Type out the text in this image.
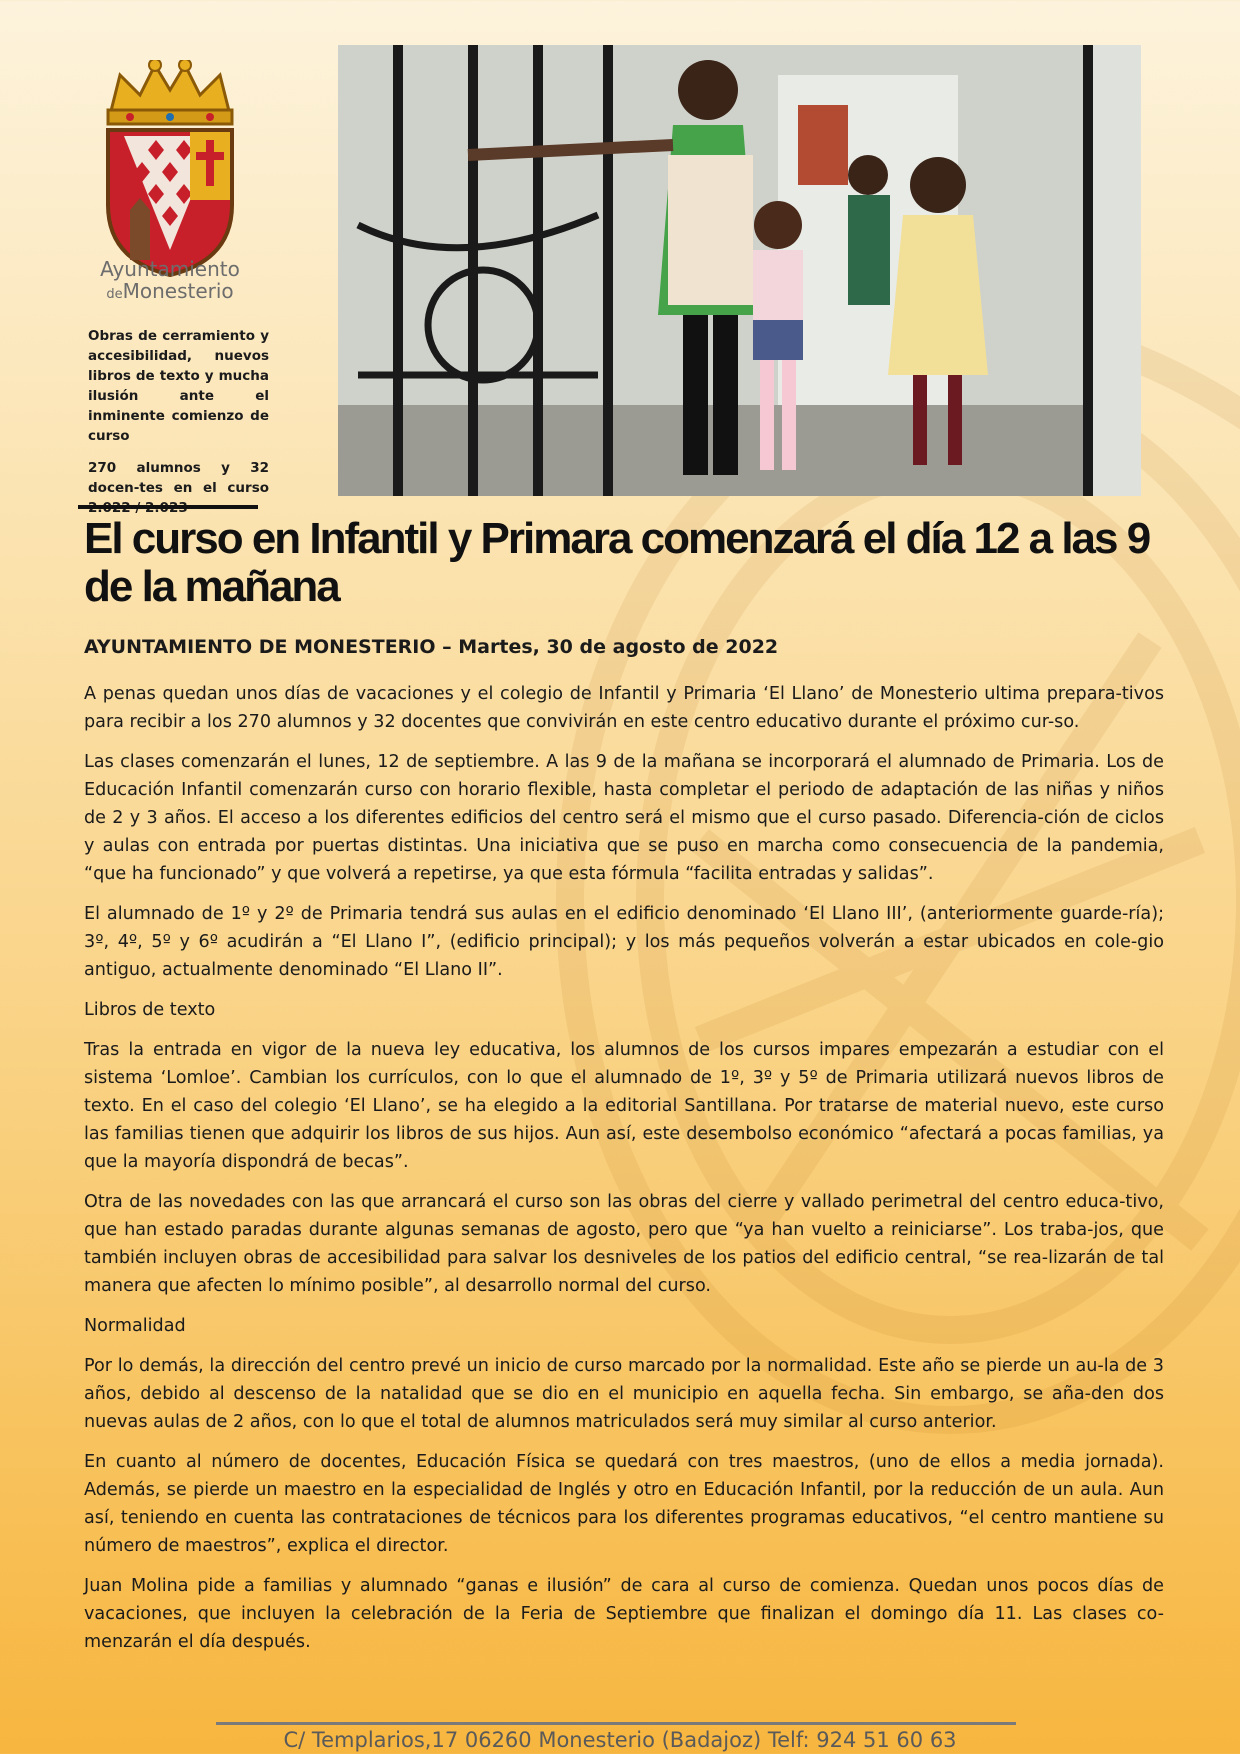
Ayuntamiento
deMonesterio

Obras de cerramiento y accesibilidad, nuevos libros de texto y mucha ilusión ante el inminente comienzo de curso

270 alumnos y 32 docen-tes en el curso

El curso en Infantil y Primara comenzará el día 12 a las 9 de la mañana

AYUNTAMIENTO DE MONESTERIO – Martes, 30 de agosto de 2022

A penas quedan unos días de vacaciones y el colegio de Infantil y Primaria ‘El Llano’ de Monesterio ultima prepara-tivos para recibir a los 270 alumnos y 32 docentes que convivirán en este centro educativo durante el próximo cur-so.

Las clases comenzarán el lunes, 12 de septiembre. A las 9 de la mañana se incorporará el alumnado de Primaria. Los de Educación Infantil comenzarán curso con horario flexible, hasta completar el periodo de adaptación de las niñas y niños de 2 y 3 años. El acceso a los diferentes edificios del centro será el mismo que el curso pasado. Diferencia-ción de ciclos y aulas con entrada por puertas distintas. Una iniciativa que se puso en marcha como consecuencia de la pandemia, “que ha funcionado” y que volverá a repetirse, ya que esta fórmula “facilita entradas y salidas”.

El alumnado de 1º y 2º de Primaria tendrá sus aulas en el edificio denominado ‘El Llano III’, (anteriormente guarde-ría); 3º, 4º, 5º y 6º acudirán a “El Llano I”, (edificio principal); y los más pequeños volverán a estar ubicados en cole-gio antiguo, actualmente denominado “El Llano II”.

Libros de texto

Tras la entrada en vigor de la nueva ley educativa, los alumnos de los cursos impares empezarán a estudiar con el sistema ‘Lomloe’. Cambian los currículos, con lo que el alumnado de 1º, 3º y 5º de Primaria utilizará nuevos libros de texto. En el caso del colegio ‘El Llano’, se ha elegido a la editorial Santillana. Por tratarse de material nuevo, este curso las familias tienen que adquirir los libros de sus hijos. Aun así, este desembolso económico “afectará a pocas familias, ya que la mayoría dispondrá de becas”.

Otra de las novedades con las que arrancará el curso son las obras del cierre y vallado perimetral del centro educa-tivo, que han estado paradas durante algunas semanas de agosto, pero que “ya han vuelto a reiniciarse”. Los traba-jos, que también incluyen obras de accesibilidad para salvar los desniveles de los patios del edificio central, “se rea-lizarán de tal manera que afecten lo mínimo posible”, al desarrollo normal del curso.

Normalidad

Por lo demás, la dirección del centro prevé un inicio de curso marcado por la normalidad. Este año se pierde un au-la de 3 años, debido al descenso de la natalidad que se dio en el municipio en aquella fecha. Sin embargo, se aña-den dos nuevas aulas de 2 años, con lo que el total de alumnos matriculados será muy similar al curso anterior.

En cuanto al número de docentes, Educación Física se quedará con tres maestros, (uno de ellos a media jornada). Además, se pierde un maestro en la especialidad de Inglés y otro en Educación Infantil, por la reducción de un aula. Aun así, teniendo en cuenta las contrataciones de técnicos para los diferentes programas educativos, “el centro mantiene su número de maestros”, explica el director.

Juan Molina pide a familias y alumnado “ganas e ilusión” de cara al curso de comienza. Quedan unos pocos días de vacaciones, que incluyen la celebración de la Feria de Septiembre que finalizan el domingo día 11. Las clases co-menzarán el día después.

C/ Templarios,17 06260 Monesterio (Badajoz) Telf: 924 51 60 63
